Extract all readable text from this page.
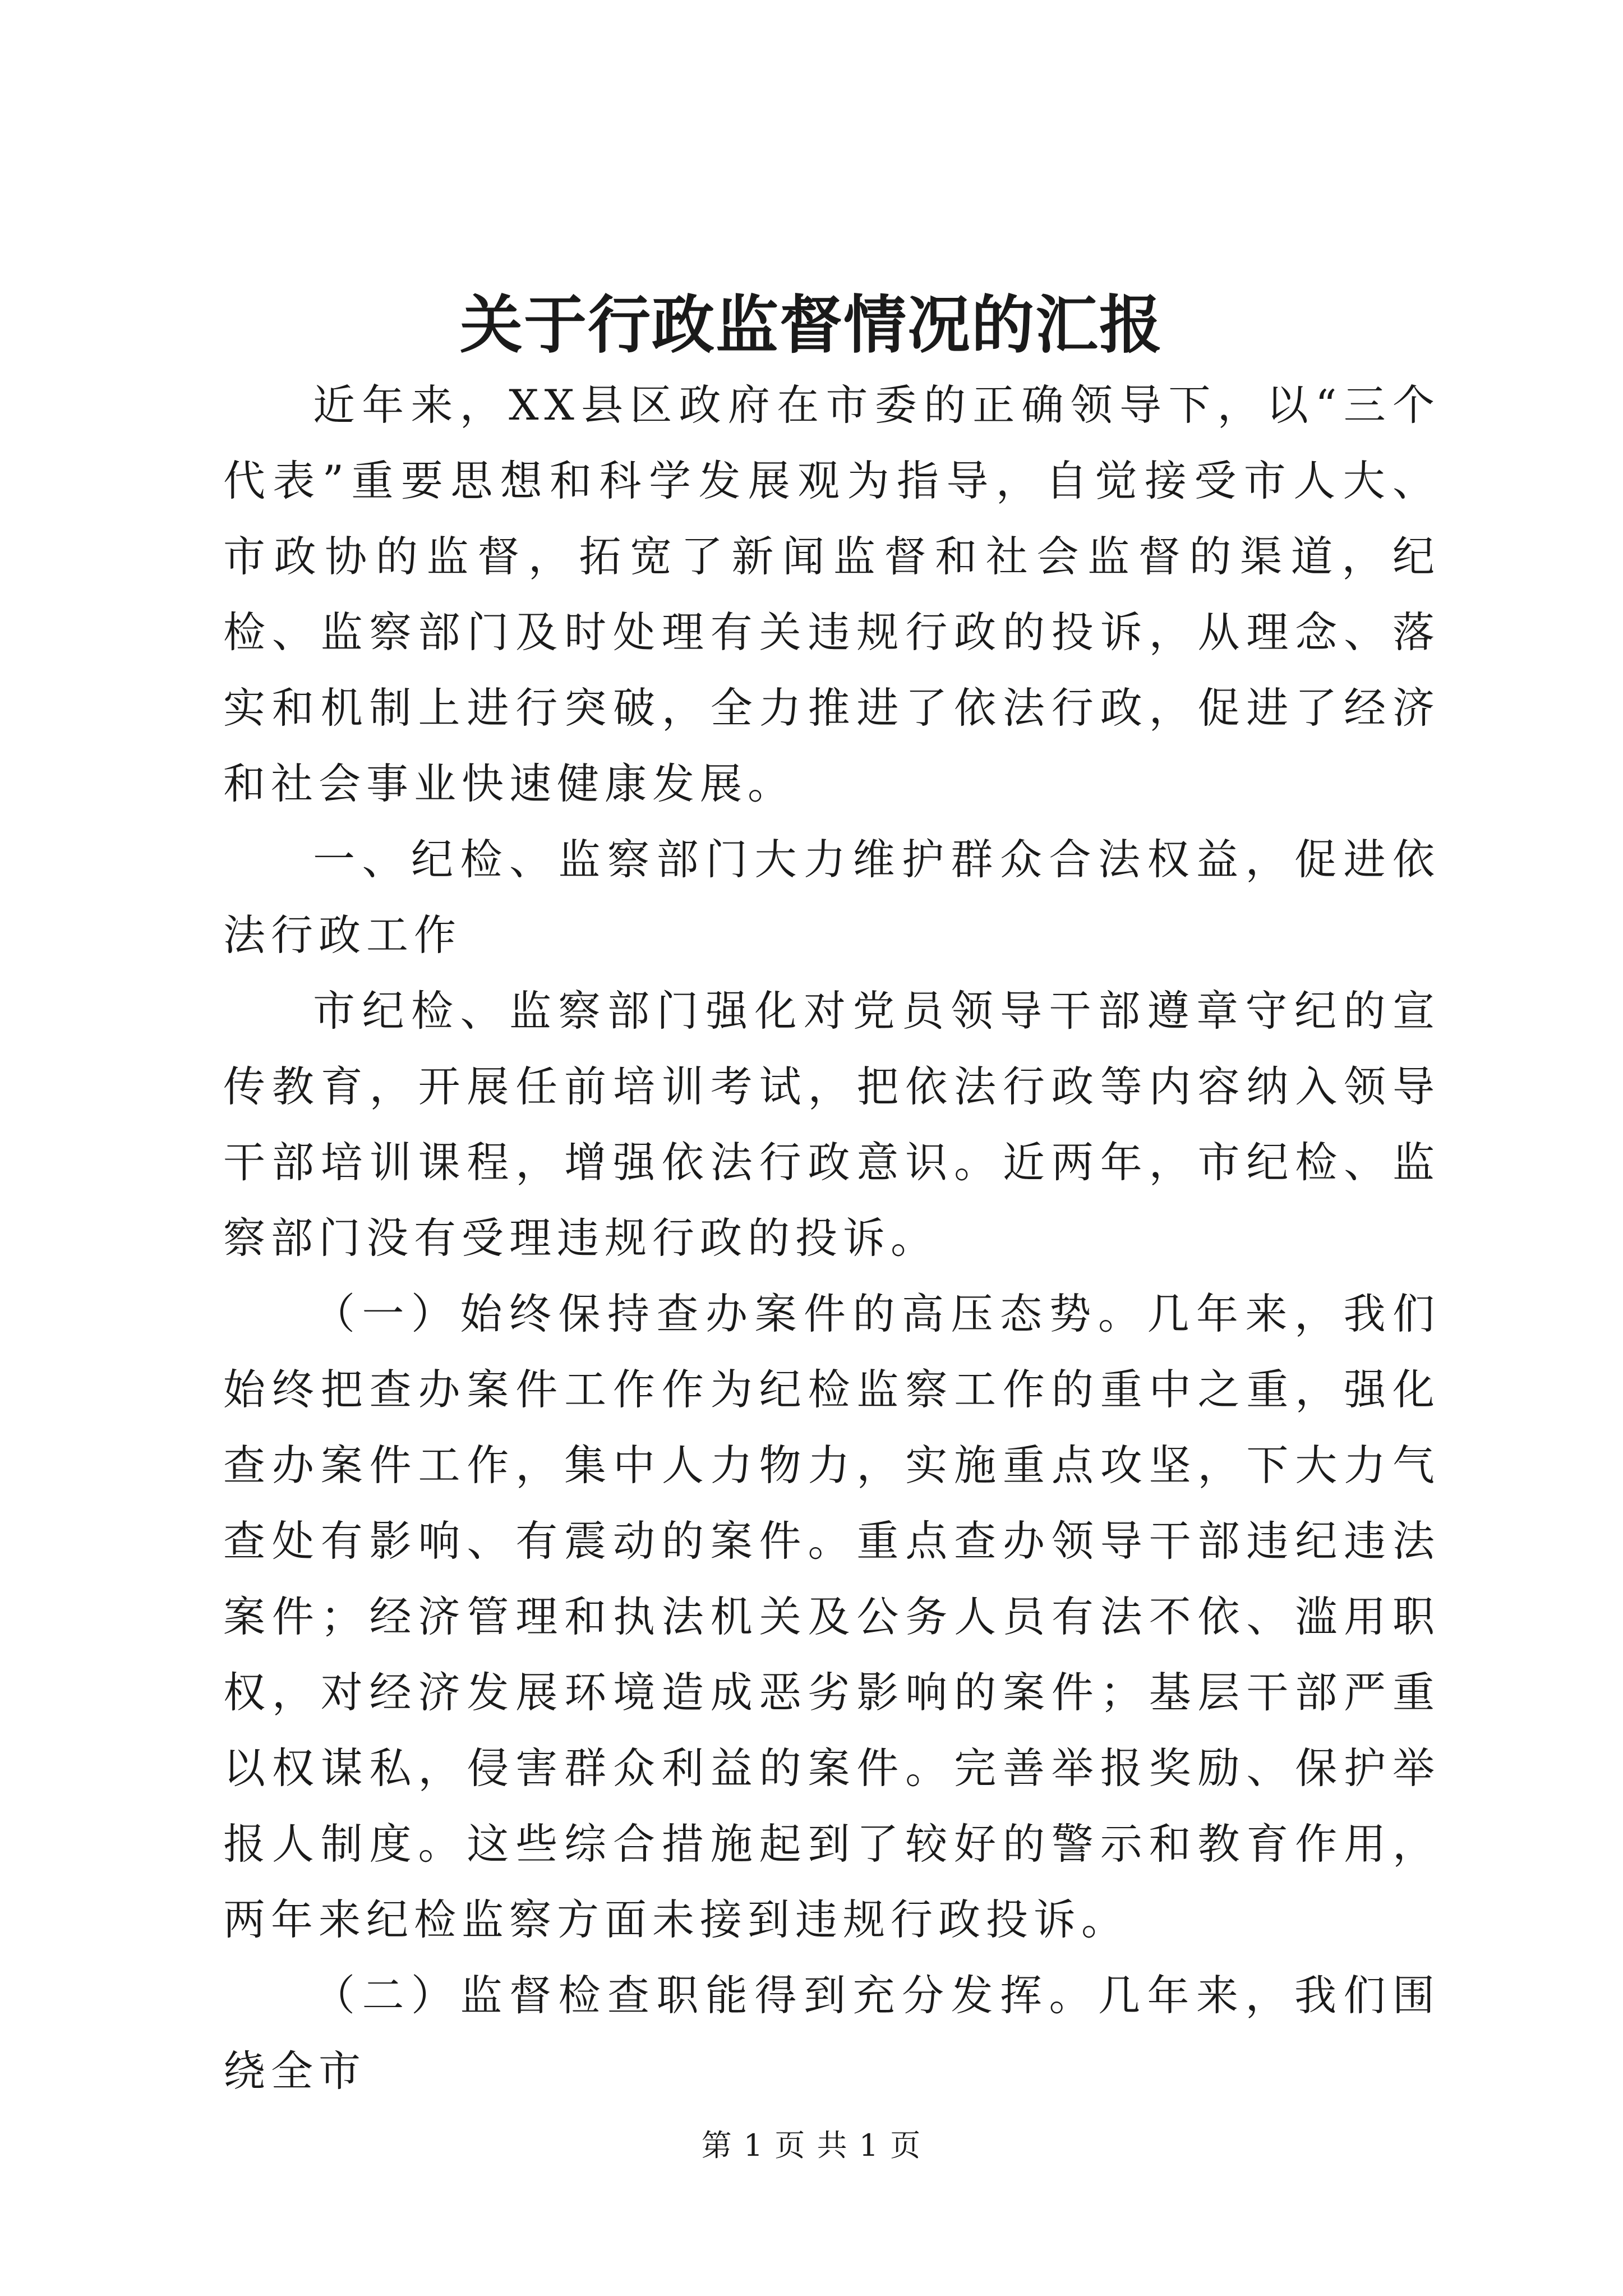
关于行政监督情况的汇报

近年来，XX县区政府在市委的正确领导下，以“三个代表”重要思想和科学发展观为指导，自觉接受市人大、市政协的监督，拓宽了新闻监督和社会监督的渠道，纪检、监察部门及时处理有关违规行政的投诉，从理念、落实和机制上进行突破，全力推进了依法行政，促进了经济和社会事业快速健康发展。

一、纪检、监察部门大力维护群众合法权益，促进依法行政工作

市纪检、监察部门强化对党员领导干部遵章守纪的宣传教育，开展任前培训考试，把依法行政等内容纳入领导干部培训课程，增强依法行政意识。近两年，市纪检、监察部门没有受理违规行政的投诉。

（一）始终保持查办案件的高压态势。几年来，我们始终把查办案件工作作为纪检监察工作的重中之重，强化查办案件工作，集中人力物力，实施重点攻坚，下大力气查处有影响、有震动的案件。重点查办领导干部违纪违法案件；经济管理和执法机关及公务人员有法不依、滥用职权，对经济发展环境造成恶劣影响的案件；基层干部严重以权谋私，侵害群众利益的案件。完善举报奖励、保护举报人制度。这些综合措施起到了较好的警示和教育作用，两年来纪检监察方面未接到违规行政投诉。

（二）监督检查职能得到充分发挥。几年来，我们围绕全市

第 1 页 共 1 页
